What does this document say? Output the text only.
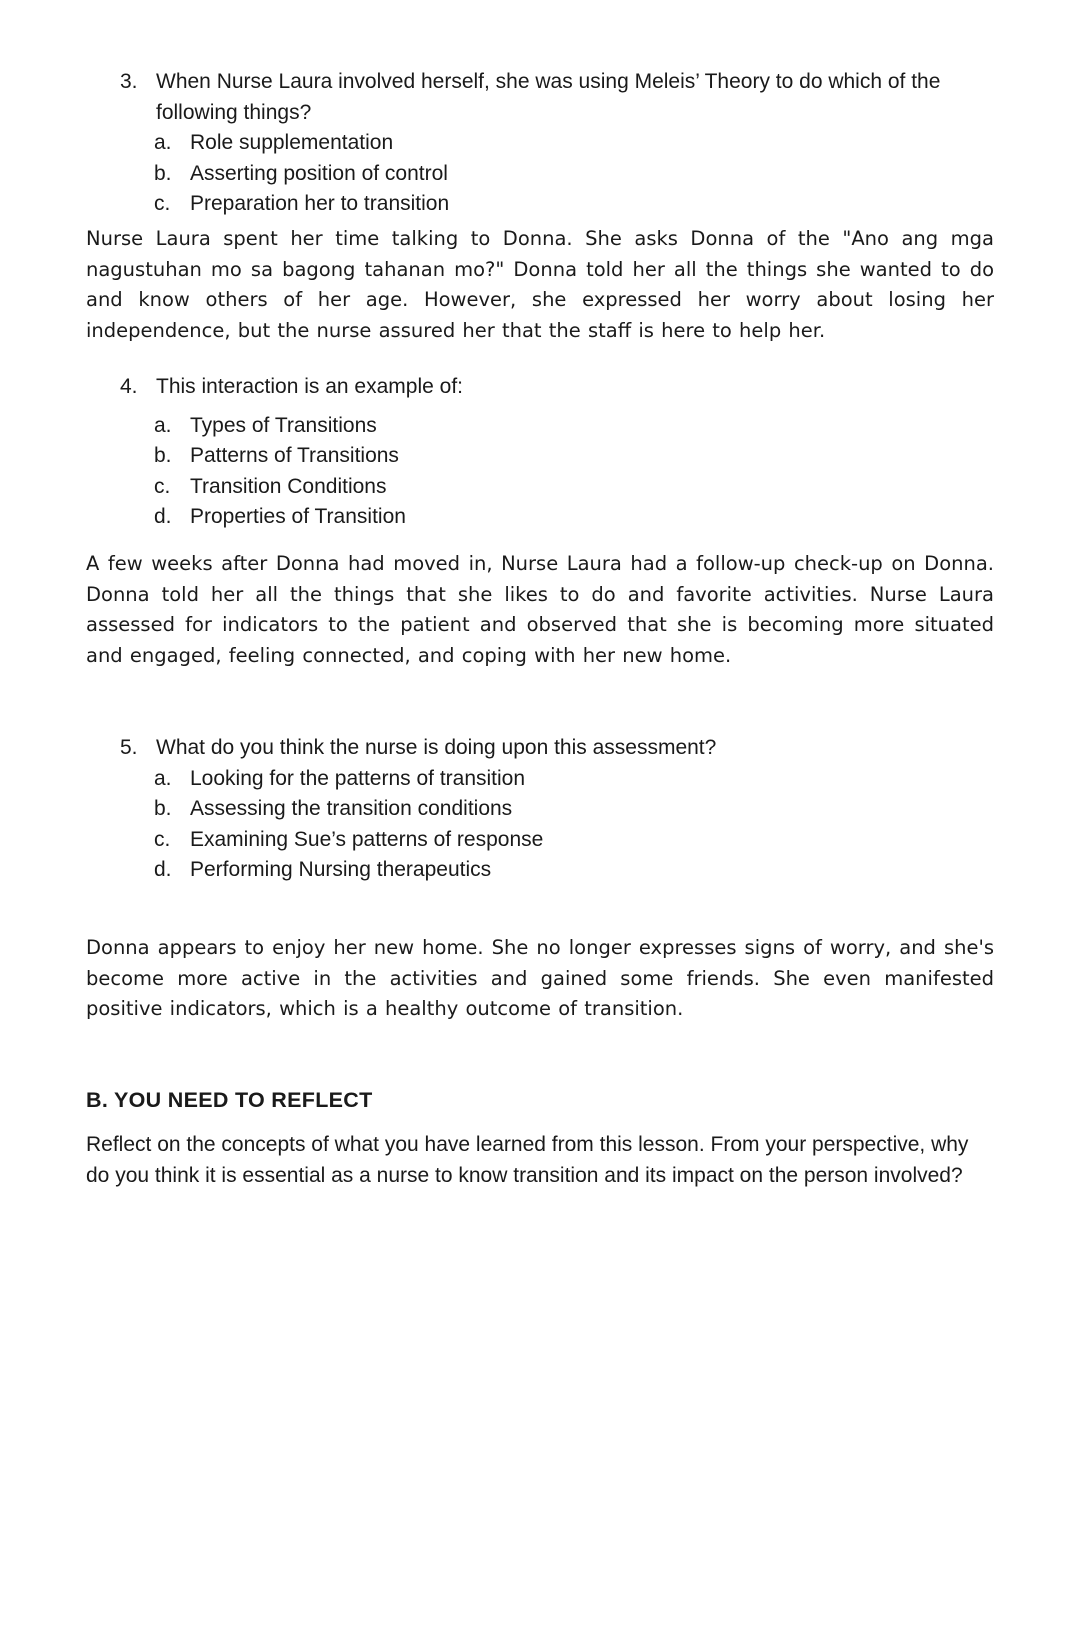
3. When Nurse Laura involved herself, she was using Meleis’ Theory to do which of the following things?
a. Role supplementation
b. Asserting position of control
c. Preparation her to transition

Nurse Laura spent her time talking to Donna. She asks Donna of the "Ano ang mga nagustuhan mo sa bagong tahanan mo?" Donna told her all the things she wanted to do and know others of her age. However, she expressed her worry about losing her independence, but the nurse assured her that the staff is here to help her.

4. This interaction is an example of:
a. Types of Transitions
b. Patterns of Transitions
c. Transition Conditions
d. Properties of Transition

A few weeks after Donna had moved in, Nurse Laura had a follow-up check-up on Donna. Donna told her all the things that she likes to do and favorite activities. Nurse Laura assessed for indicators to the patient and observed that she is becoming more situated and engaged, feeling connected, and coping with her new home.

5. What do you think the nurse is doing upon this assessment?
a. Looking for the patterns of transition
b. Assessing the transition conditions
c. Examining Sue’s patterns of response
d. Performing Nursing therapeutics

Donna appears to enjoy her new home. She no longer expresses signs of worry, and she's become more active in the activities and gained some friends. She even manifested positive indicators, which is a healthy outcome of transition.

B. YOU NEED TO REFLECT

Reflect on the concepts of what you have learned from this lesson. From your perspective, why do you think it is essential as a nurse to know transition and its impact on the person involved?
